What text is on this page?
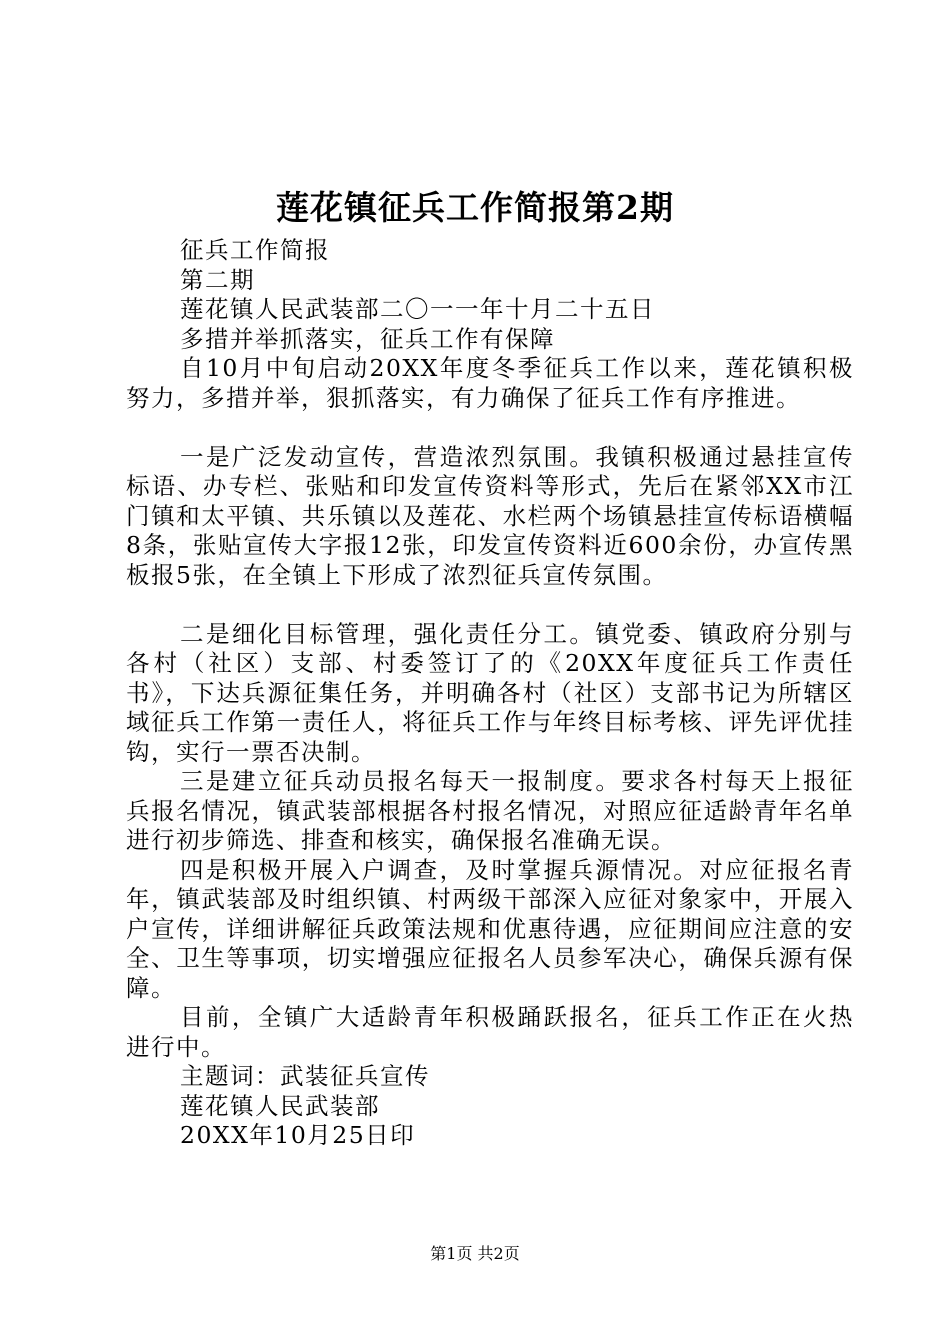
莲花镇征兵工作简报第2期

征兵工作简报

第二期

莲花镇人民武装部二〇一一年十月二十五日

多措并举抓落实，征兵工作有保障

自10月中旬启动20XX年度冬季征兵工作以来，莲花镇积极努力，多措并举，狠抓落实，有力确保了征兵工作有序推进。

一是广泛发动宣传，营造浓烈氛围。我镇积极通过悬挂宣传标语、办专栏、张贴和印发宣传资料等形式，先后在紧邻XX市江门镇和太平镇、共乐镇以及莲花、水栏两个场镇悬挂宣传标语横幅8条，张贴宣传大字报12张，印发宣传资料近600余份，办宣传黑板报5张，在全镇上下形成了浓烈征兵宣传氛围。

二是细化目标管理，强化责任分工。镇党委、镇政府分别与各村（社区）支部、村委签订了的《20XX年度征兵工作责任书》，下达兵源征集任务，并明确各村（社区）支部书记为所辖区域征兵工作第一责任人，将征兵工作与年终目标考核、评先评优挂钩，实行一票否决制。

三是建立征兵动员报名每天一报制度。要求各村每天上报征兵报名情况，镇武装部根据各村报名情况，对照应征适龄青年名单进行初步筛选、排查和核实，确保报名准确无误。

四是积极开展入户调查，及时掌握兵源情况。对应征报名青年，镇武装部及时组织镇、村两级干部深入应征对象家中，开展入户宣传，详细讲解征兵政策法规和优惠待遇，应征期间应注意的安全、卫生等事项，切实增强应征报名人员参军决心，确保兵源有保障。

目前，全镇广大适龄青年积极踊跃报名，征兵工作正在火热进行中。

主题词：武装征兵宣传

莲花镇人民武装部

20XX年10月25日印

第1页 共2页
